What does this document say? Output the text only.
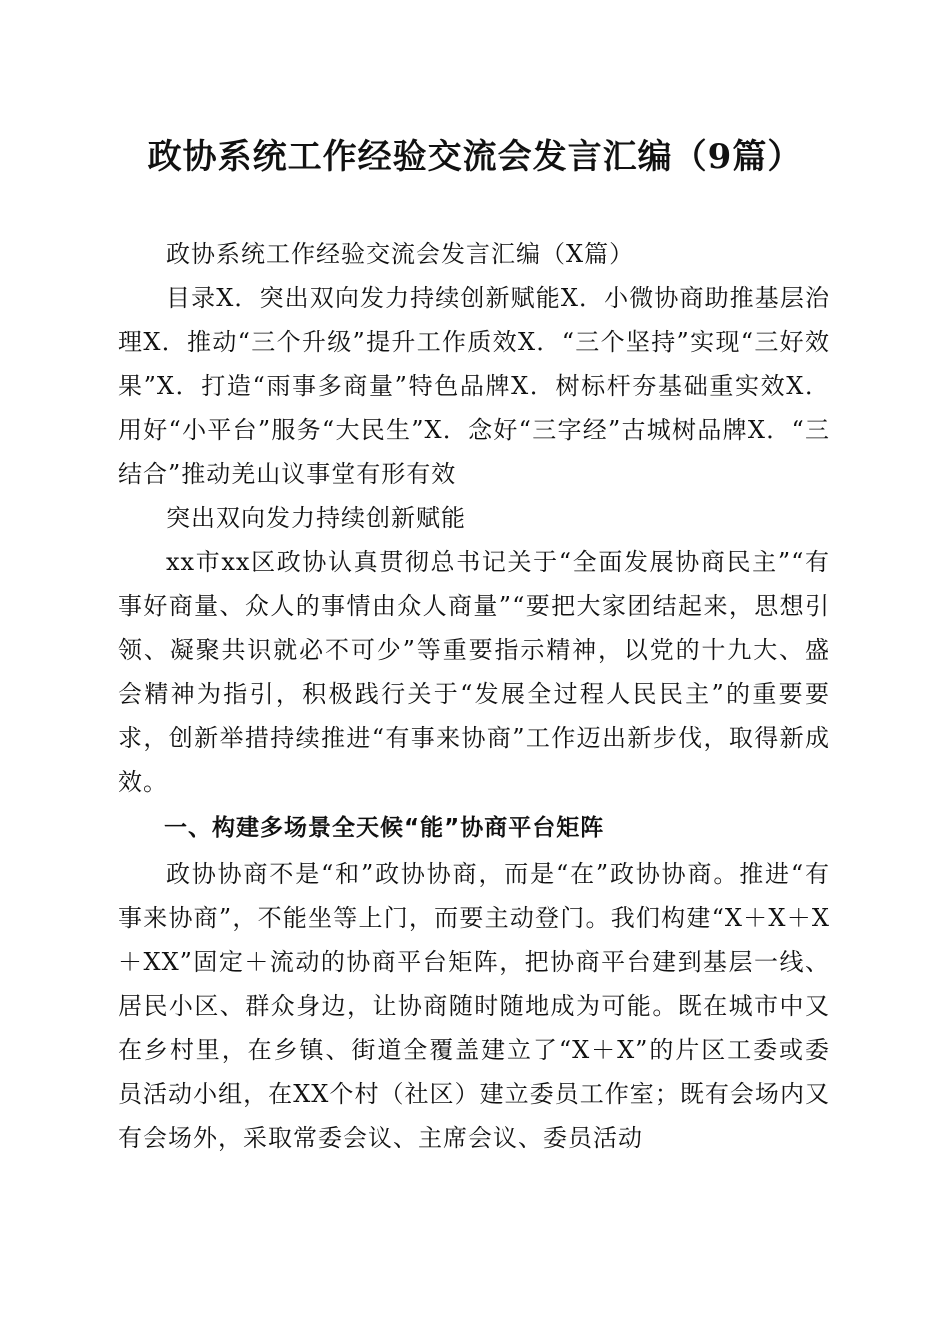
政协系统工作经验交流会发言汇编（9篇）

政协系统工作经验交流会发言汇编（X篇）

目录X．突出双向发力持续创新赋能X．小微协商助推基层治理X．推动“三个升级”提升工作质效X．“三个坚持”实现“三好效果”X．打造“雨事多商量”特色品牌X．树标杆夯基础重实效X．用好“小平台”服务“大民生”X．念好“三字经”古城树品牌X．“三结合”推动羌山议事堂有形有效

突出双向发力持续创新赋能

xx市xx区政协认真贯彻总书记关于“全面发展协商民主”“有事好商量、众人的事情由众人商量”“要把大家团结起来，思想引领、凝聚共识就必不可少”等重要指示精神，以党的十九大、盛会精神为指引，积极践行关于“发展全过程人民民主”的重要要求，创新举措持续推进“有事来协商”工作迈出新步伐，取得新成效。

一、构建多场景全天候“能”协商平台矩阵

政协协商不是“和”政协协商，而是“在”政协协商。推进“有事来协商”，不能坐等上门，而要主动登门。我们构建“X＋X＋X＋XX”固定＋流动的协商平台矩阵，把协商平台建到基层一线、居民小区、群众身边，让协商随时随地成为可能。既在城市中又在乡村里，在乡镇、街道全覆盖建立了“X＋X”的片区工委或委员活动小组，在XX个村（社区）建立委员工作室；既有会场内又有会场外，采取常委会议、主席会议、委员活动
